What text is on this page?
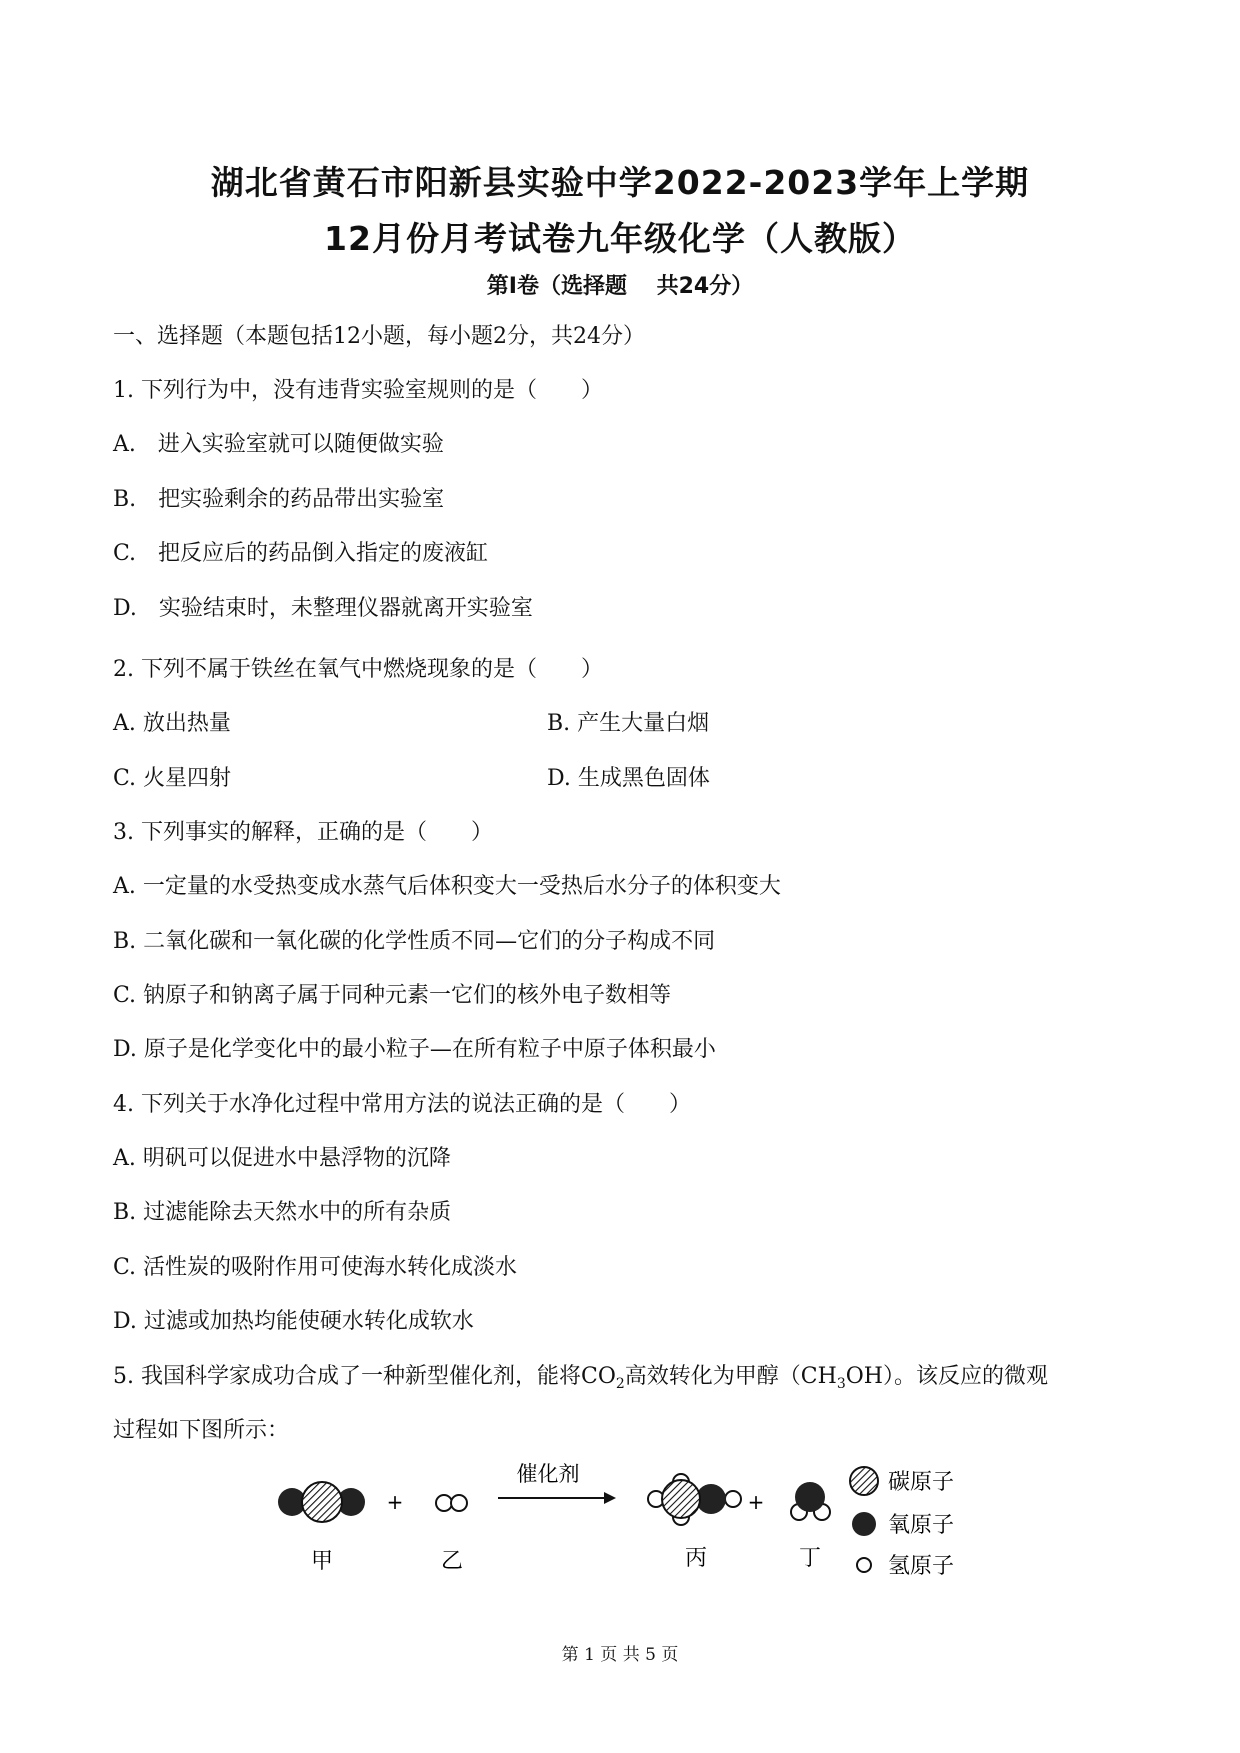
湖北省黄石市阳新县实验中学2022-2023学年上学期
12月份月考试卷九年级化学（人教版）
第Ⅰ卷（选择题　 共24分）
一、选择题（本题包括12小题，每小题2分，共24分）
1. 下列行为中，没有违背实验室规则的是（　　）
A.　进入实验室就可以随便做实验
B.　把实验剩余的药品带出实验室
C.　把反应后的药品倒入指定的废液缸
D.　实验结束时，未整理仪器就离开实验室
2. 下列不属于铁丝在氧气中燃烧现象的是（　　）
A. 放出热量	B. 产生大量白烟
C. 火星四射	D. 生成黑色固体
3. 下列事实的解释，正确的是（　　）
A. 一定量的水受热变成水蒸气后体积变大一受热后水分子的体积变大
B. 二氧化碳和一氧化碳的化学性质不同—它们的分子构成不同
C. 钠原子和钠离子属于同种元素一它们的核外电子数相等
D. 原子是化学变化中的最小粒子—在所有粒子中原子体积最小
4. 下列关于水净化过程中常用方法的说法正确的是（　　）
A. 明矾可以促进水中悬浮物的沉降
B. 过滤能除去天然水中的所有杂质
C. 活性炭的吸附作用可使海水转化成淡水
D. 过滤或加热均能使硬水转化成软水
5. 我国科学家成功合成了一种新型催化剂，能将$CO_2$高效转化为甲醇$(CH_3OH)$。该反应的微观
过程如下图所示：
+
催化剂
+
甲	乙	丙	丁
碳原子
氧原子
氢原子
第 1 页 共 5 页
